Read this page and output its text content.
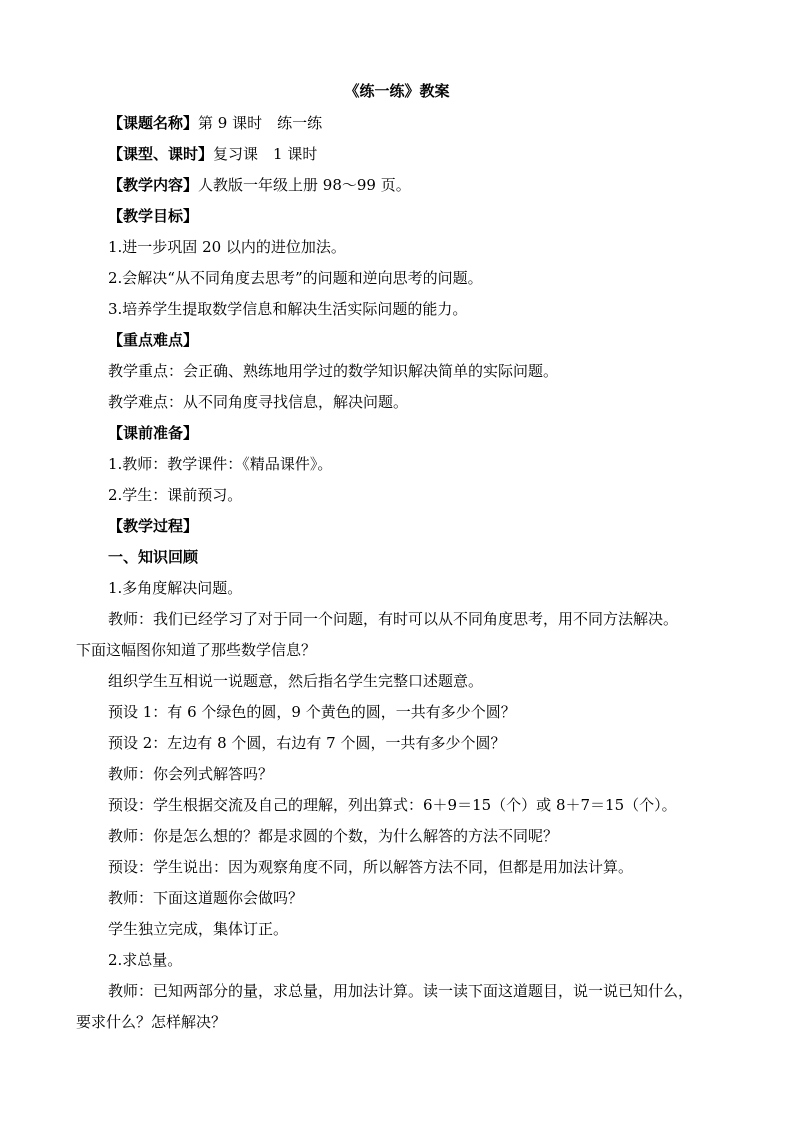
《练一练》教案
【课题名称】第 9 课时　练一练
【课型、课时】复习课　1 课时
【教学内容】人教版一年级上册 98～99 页。
【教学目标】
1.进一步巩固 20 以内的进位加法。
2.会解决“从不同角度去思考”的问题和逆向思考的问题。
3.培养学生提取数学信息和解决生活实际问题的能力。
【重点难点】
教学重点：会正确、熟练地用学过的数学知识解决简单的实际问题。
教学难点：从不同角度寻找信息，解决问题。
【课前准备】
1.教师：教学课件：《精品课件》。
2.学生：课前预习。
【教学过程】
一、知识回顾
1.多角度解决问题。
教师：我们已经学习了对于同一个问题，有时可以从不同角度思考，用不同方法解决。
下面这幅图你知道了那些数学信息？
组织学生互相说一说题意，然后指名学生完整口述题意。
预设 1：有 6 个绿色的圆，9 个黄色的圆，一共有多少个圆？
预设 2：左边有 8 个圆，右边有 7 个圆，一共有多少个圆？
教师：你会列式解答吗？
预设：学生根据交流及自己的理解，列出算式：6＋9＝15（个）或 8＋7＝15（个）。
教师：你是怎么想的？都是求圆的个数，为什么解答的方法不同呢？
预设：学生说出：因为观察角度不同，所以解答方法不同，但都是用加法计算。
教师：下面这道题你会做吗？
学生独立完成，集体订正。
2.求总量。
教师：已知两部分的量，求总量，用加法计算。读一读下面这道题目，说一说已知什么，
要求什么？怎样解决？
